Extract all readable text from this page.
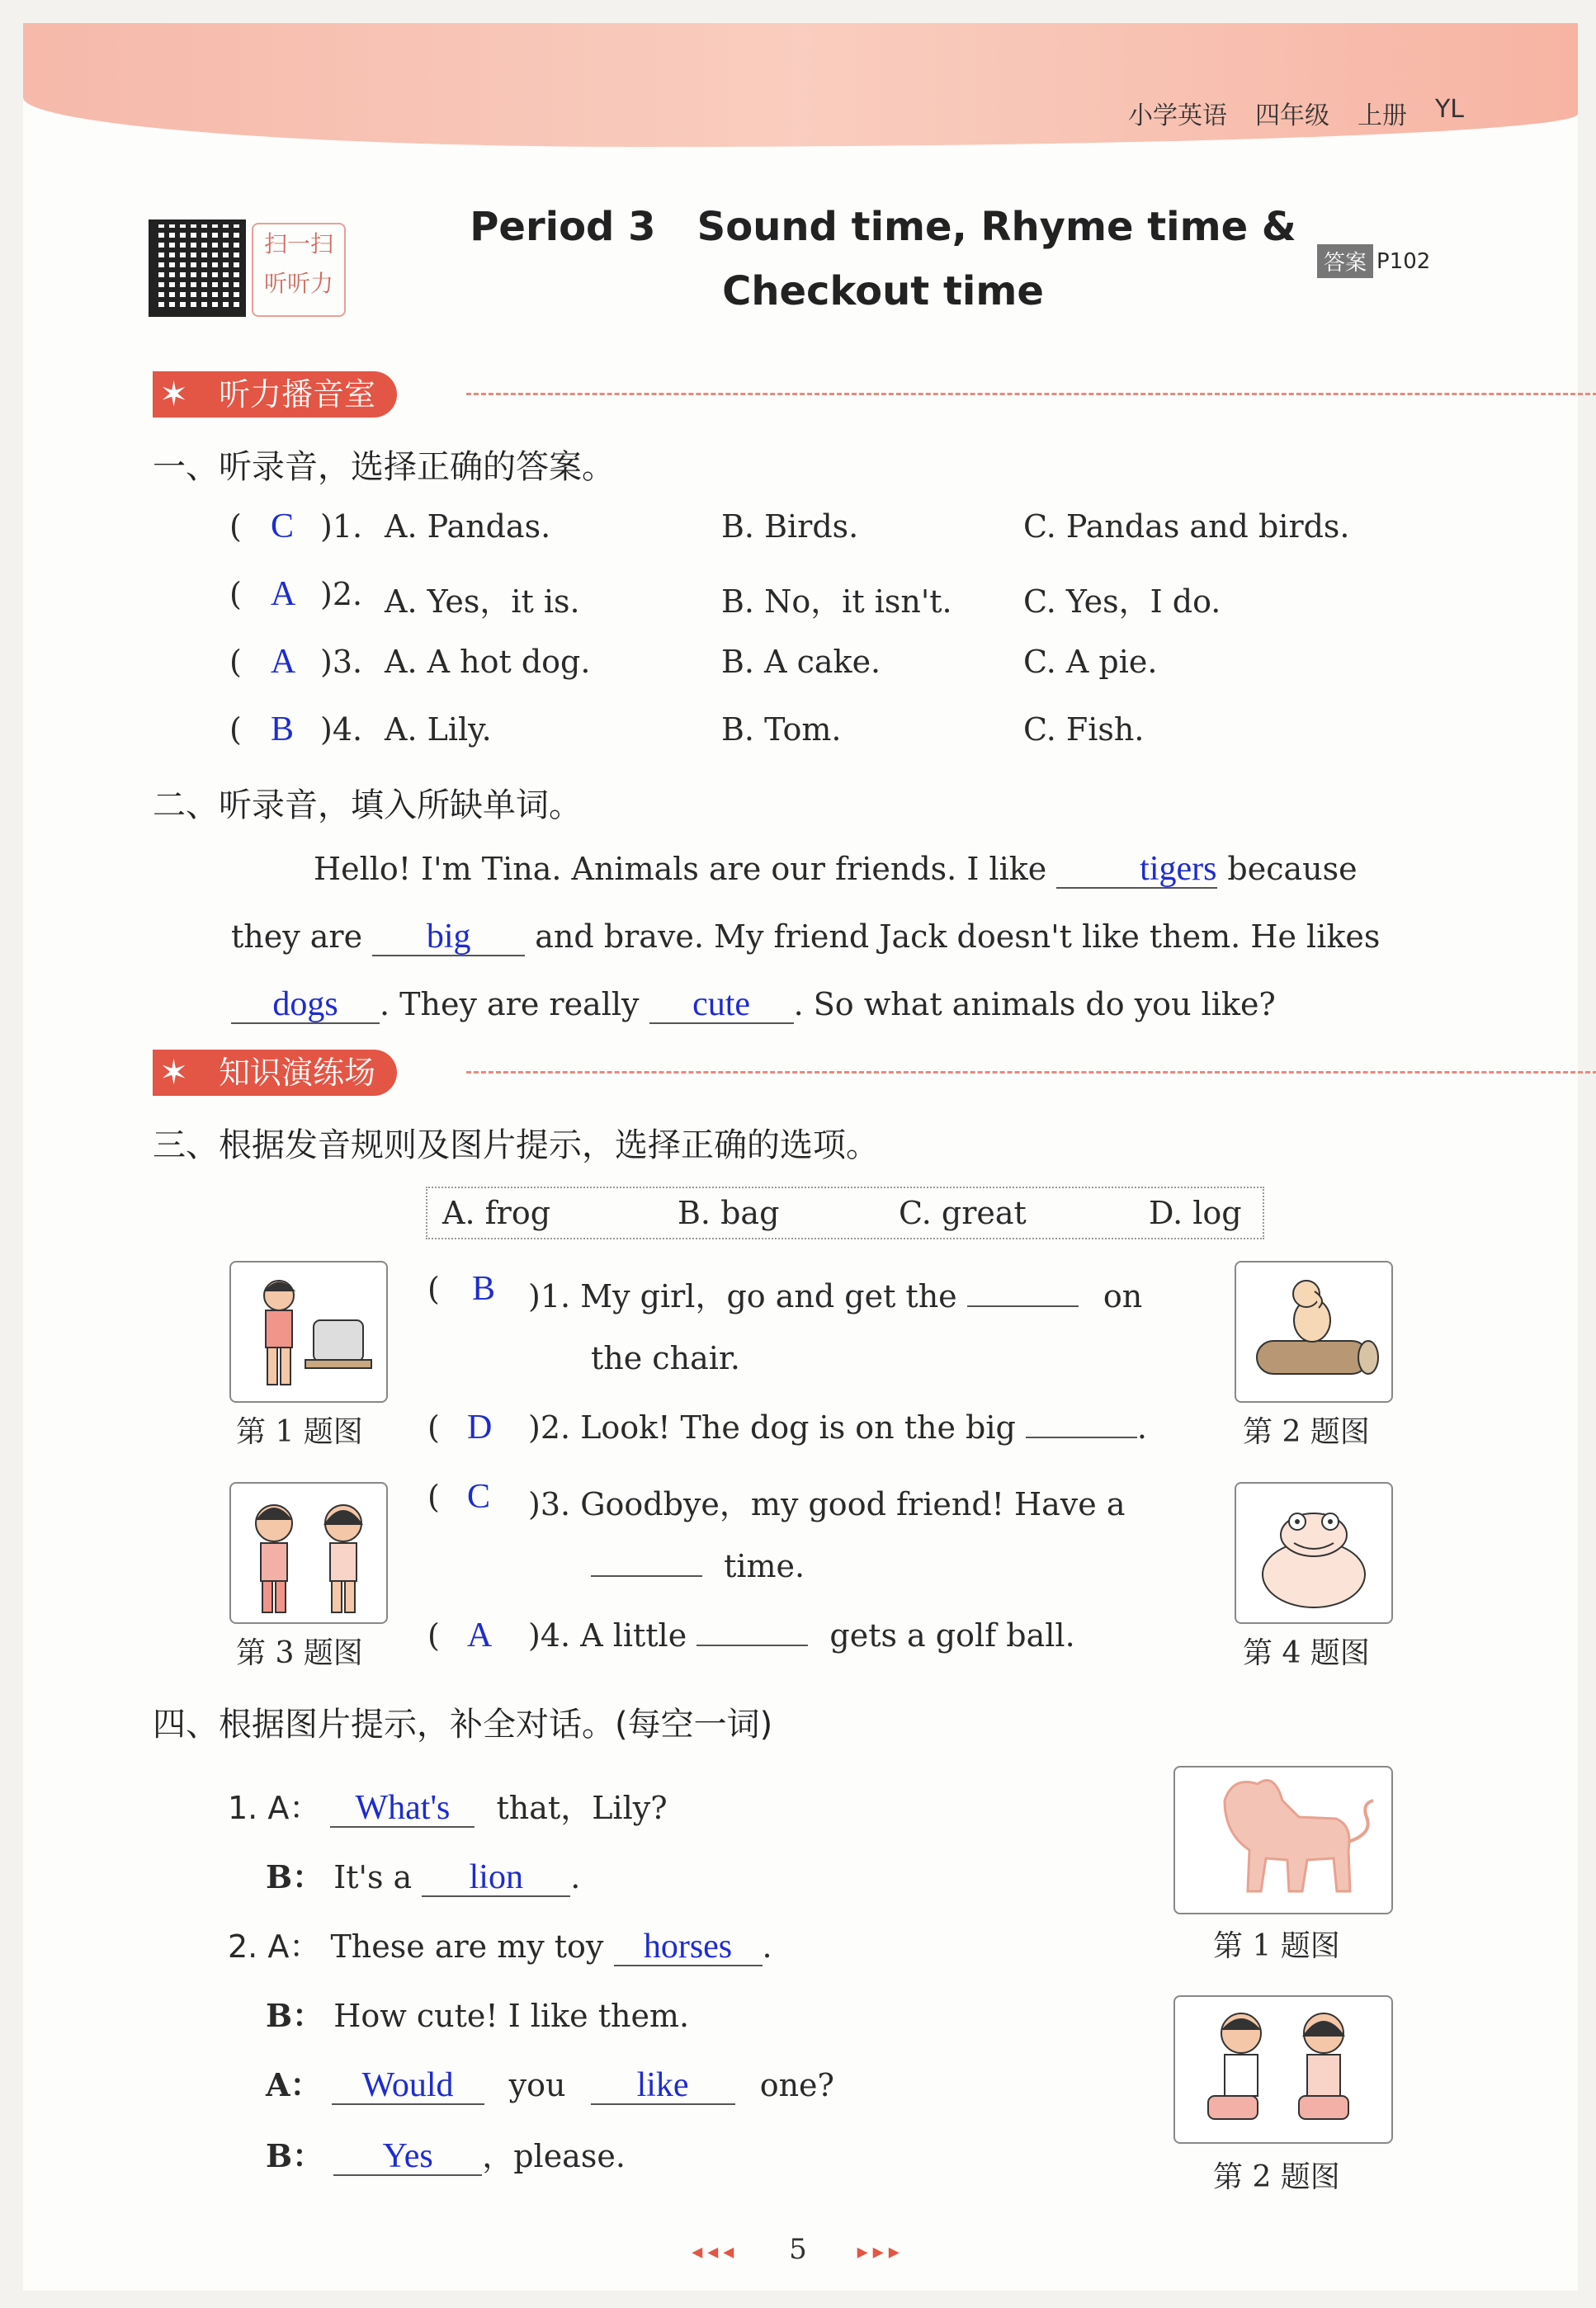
小学英语 四年级 上册 YL
扫一扫 听听力
Period 3   Sound time, Rhyme time &
Checkout time
答案 P102
✶ 听力播音室
一、听录音，选择正确的答案。
( C )1. A. Pandas.	B. Birds.	C. Pandas and birds.
( A )2. A. Yes，it is.	B. No，it isn't. C. Yes，I do.
( A )3. A. A hot dog.	B. A cake.	C. A pie.
( B )4. A. Lily.	B. Tom.	C. Fish.
二、听录音，填入所缺单词。
Hello! I'm Tina. Animals are our friends. I like	tigers because
they are big and brave. My friend Jack doesn't like them. He likes
dogs . They are really cute . So what animals do you like?
✶ 知识演练场
三、根据发音规则及图片提示，选择正确的选项。
A. frog	B. bag	C. great	D. log
第 1 题图	第 2 题图
第 3 题图	第 4 题图
( B )1. My girl，go and get the	on
the chair.
( D )2. Look! The dog is on the big	.
( C )3. Goodbye，my good friend! Have a
time.
( A )4. A little	gets a golf ball.
四、根据图片提示，补全对话。(每空一词)
1. A： What's that，Lily?
B： It's a lion .
2. A： These are my toy horses .
B： How cute! I like them.
A： Would you like one?
B： Yes ，please.
第 1 题图
第 2 题图
◂◂◂ 5 ▸▸▸
